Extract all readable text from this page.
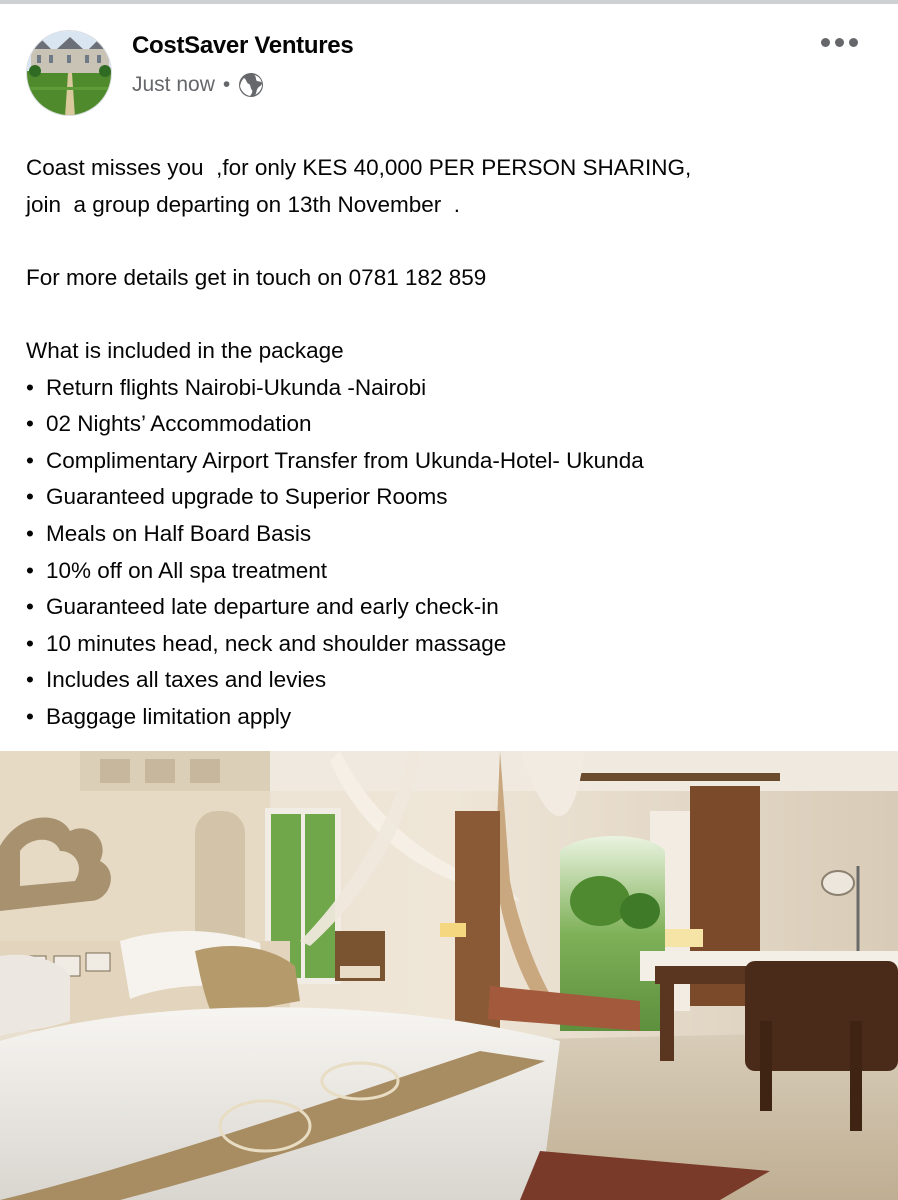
CostSaver Ventures
Just now •

Coast misses you  ,for only KES 40,000 PER PERSON SHARING,

join  a group departing on 13th November  .

For more details get in touch on 0781 182 859

What is included in the package

• Return flights Nairobi-Ukunda -Nairobi
• 02 Nights’ Accommodation
• Complimentary Airport Transfer from Ukunda-Hotel- Ukunda
• Guaranteed upgrade to Superior Rooms
• Meals on Half Board Basis
• 10% off on All spa treatment
• Guaranteed late departure and early check-in
• 10 minutes head, neck and shoulder massage
• Includes all taxes and levies
• Baggage limitation apply
